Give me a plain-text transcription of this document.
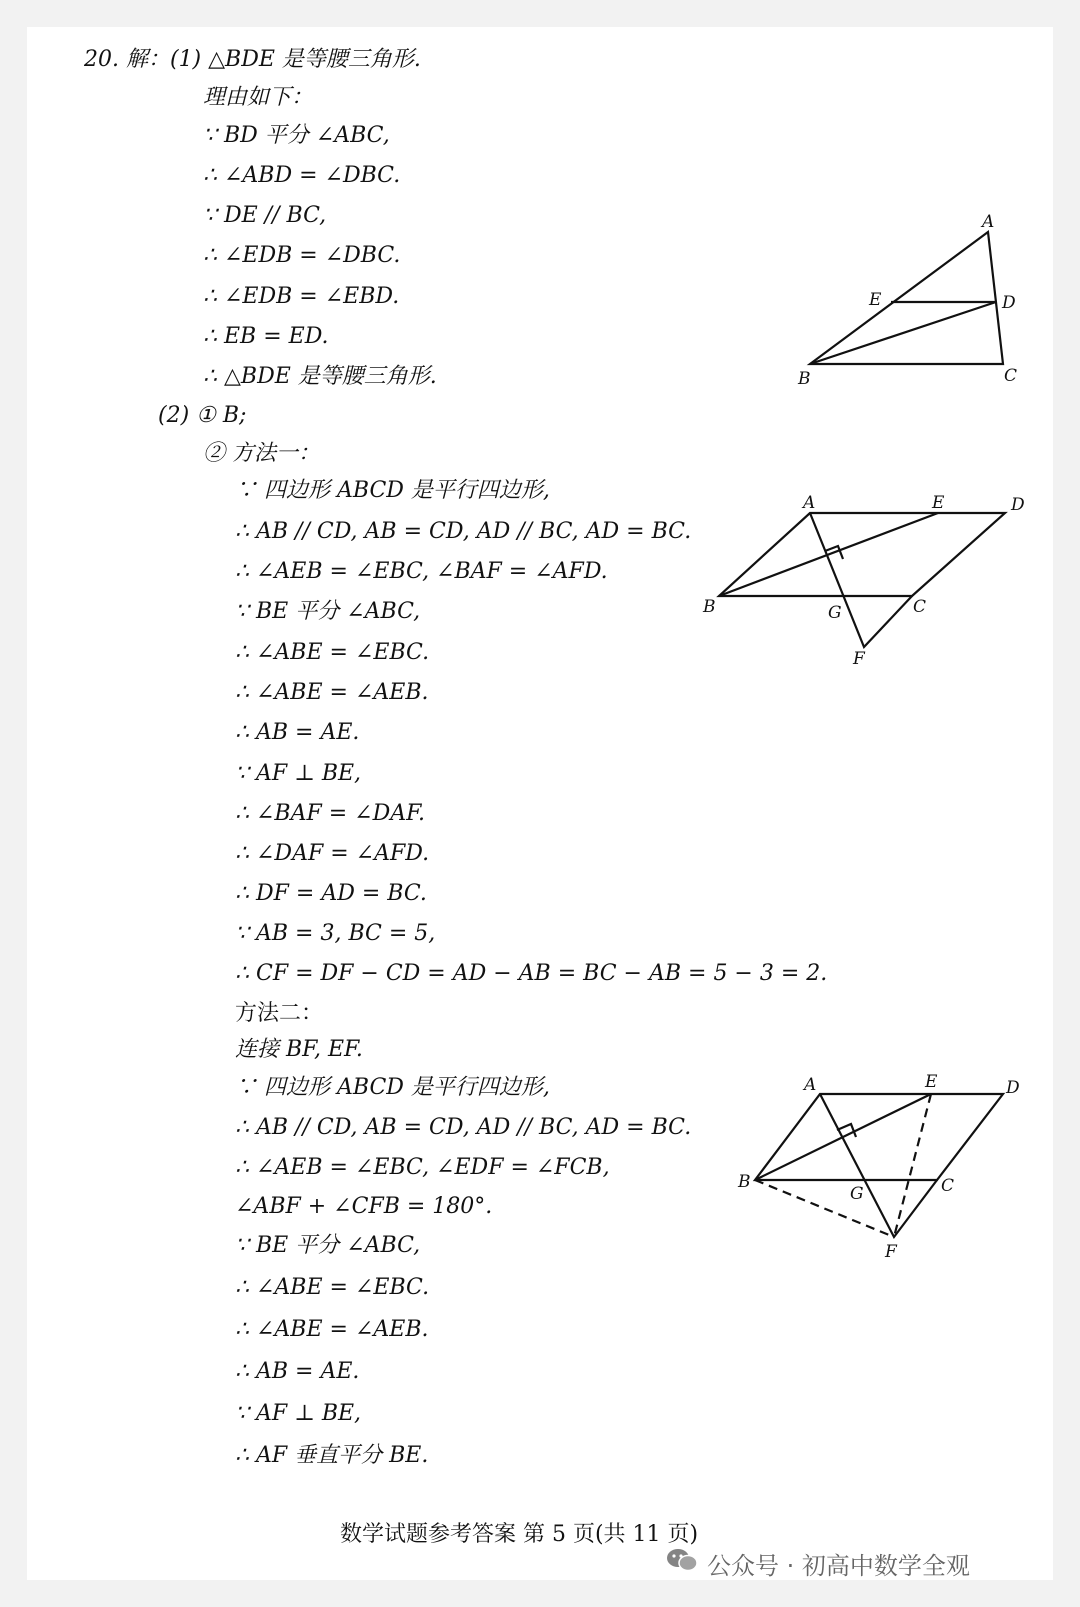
20. 解：(1) △BDE 是等腰三角形.
理由如下：
∵ BD 平分 ∠ABC,
∴ ∠ABD = ∠DBC.
∵ DE // BC,
∴ ∠EDB = ∠DBC.
∴ ∠EDB = ∠EBD.
∴ EB = ED.
∴ △BDE 是等腰三角形.
(2) ① B;
② 方法一：
∵ 四边形 ABCD 是平行四边形,
∴ AB // CD, AB = CD, AD // BC, AD = BC.
∴ ∠AEB = ∠EBC, ∠BAF = ∠AFD.
∵ BE 平分 ∠ABC,
∴ ∠ABE = ∠EBC.
∴ ∠ABE = ∠AEB.
∴ AB = AE.
∵ AF ⊥ BE,
∴ ∠BAF = ∠DAF.
∴ ∠DAF = ∠AFD.
∴ DF = AD = BC.
∵ AB = 3, BC = 5,
∴ CF = DF − CD = AD − AB = BC − AB = 5 − 3 = 2.
方法二：
连接 BF, EF.
∵ 四边形 ABCD 是平行四边形,
∴ AB // CD, AB = CD, AD // BC, AD = BC.
∴ ∠AEB = ∠EBC, ∠EDF = ∠FCB,
∠ABF + ∠CFB = 180°.
∵ BE 平分 ∠ABC,
∴ ∠ABE = ∠EBC.
∴ ∠ABE = ∠AEB.
∴ AB = AE.
∵ AF ⊥ BE,
∴ AF 垂直平分 BE.
A
E	D
B	C
A	E	D
B	G	C
F
A	E	D
B
G	C
F
数学试题参考答案 第 5 页(共 11 页)
公众号 · 初高中数学全观
